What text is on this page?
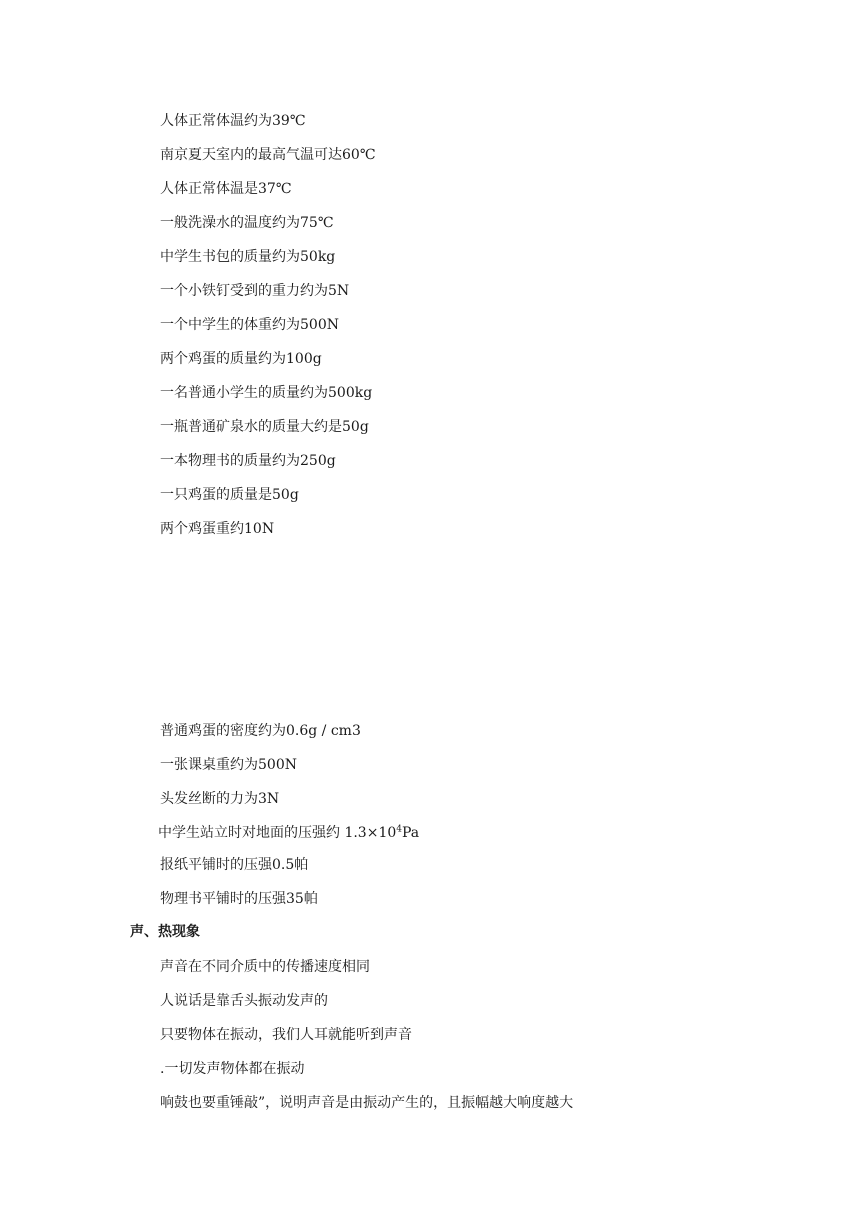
人体正常体温约为39℃
南京夏天室内的最高气温可达60℃
人体正常体温是37℃
一般洗澡水的温度约为75℃
中学生书包的质量约为50kg
一个小铁钉受到的重力约为5N
一个中学生的体重约为500N
两个鸡蛋的质量约为100g
一名普通小学生的质量约为500kg
一瓶普通矿泉水的质量大约是50g
一本物理书的质量约为250g
一只鸡蛋的质量是50g
两个鸡蛋重约10N
普通鸡蛋的密度约为0.6g / cm3
一张课桌重约为500N
头发丝断的力为3N
中学生站立时对地面的压强约 $1.3\times 10^4Pa$
报纸平铺时的压强0.5帕
物理书平铺时的压强35帕
声、热现象
声音在不同介质中的传播速度相同
人说话是靠舌头振动发声的
只要物体在振动，我们人耳就能听到声音
.一切发声物体都在振动
响鼓也要重锤敲”，说明声音是由振动产生的，且振幅越大响度越大
